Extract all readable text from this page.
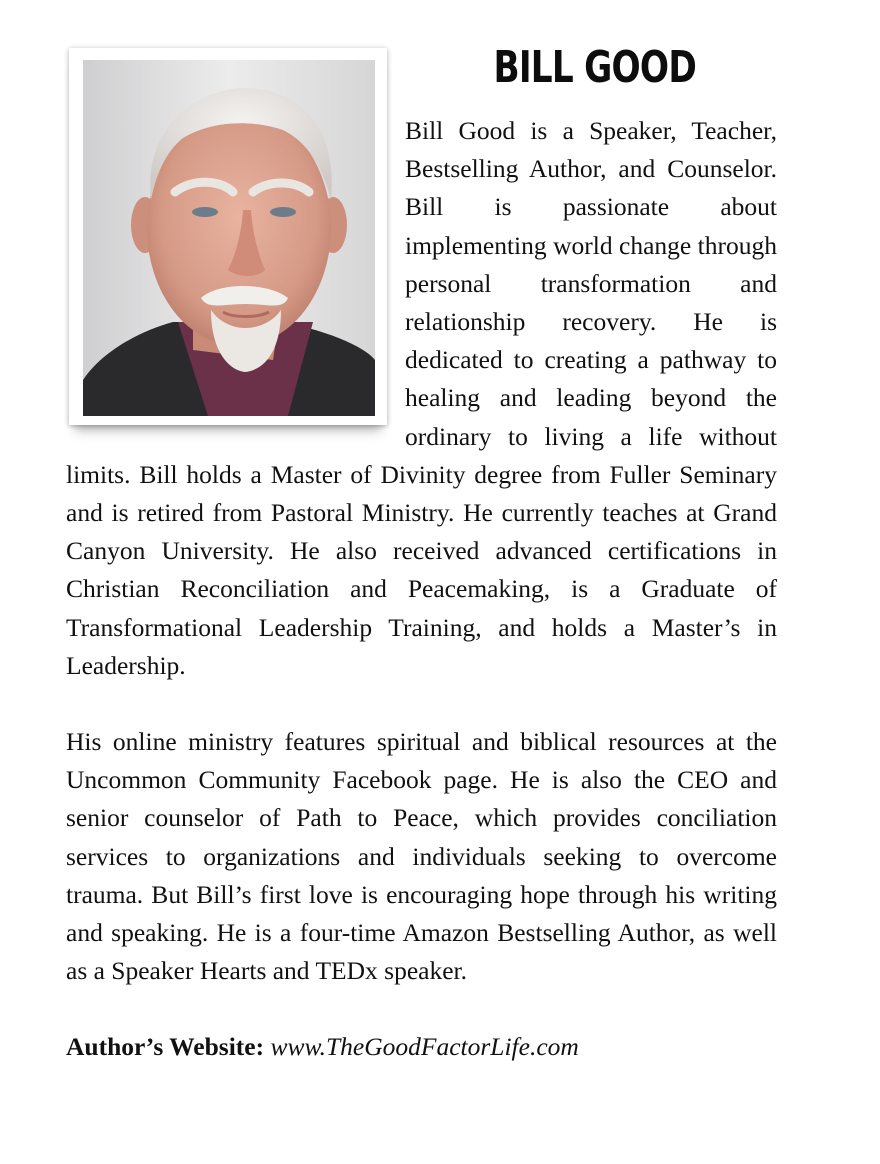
BILL GOOD

Bill Good is a Speaker, Teacher, Bestselling Author, and Counselor. Bill is passionate about implementing world change through personal transformation and relationship recovery. He is dedicated to creating a pathway to healing and leading beyond the ordinary to living a life without limits. Bill holds a Master of Divinity degree from Fuller Seminary and is retired from Pastoral Ministry. He currently teaches at Grand Canyon University. He also received advanced certifications in Christian Reconciliation and Peacemaking, is a Graduate of Transformational Leadership Training, and holds a Master’s in Leadership.

His online ministry features spiritual and biblical resources at the Uncommon Community Facebook page. He is also the CEO and senior counselor of Path to Peace, which provides conciliation services to organizations and individuals seeking to overcome trauma. But Bill’s first love is encouraging hope through his writing and speaking. He is a four-time Amazon Bestselling Author, as well as a Speaker Hearts and TEDx speaker.

Author’s Website: www.TheGoodFactorLife.com
